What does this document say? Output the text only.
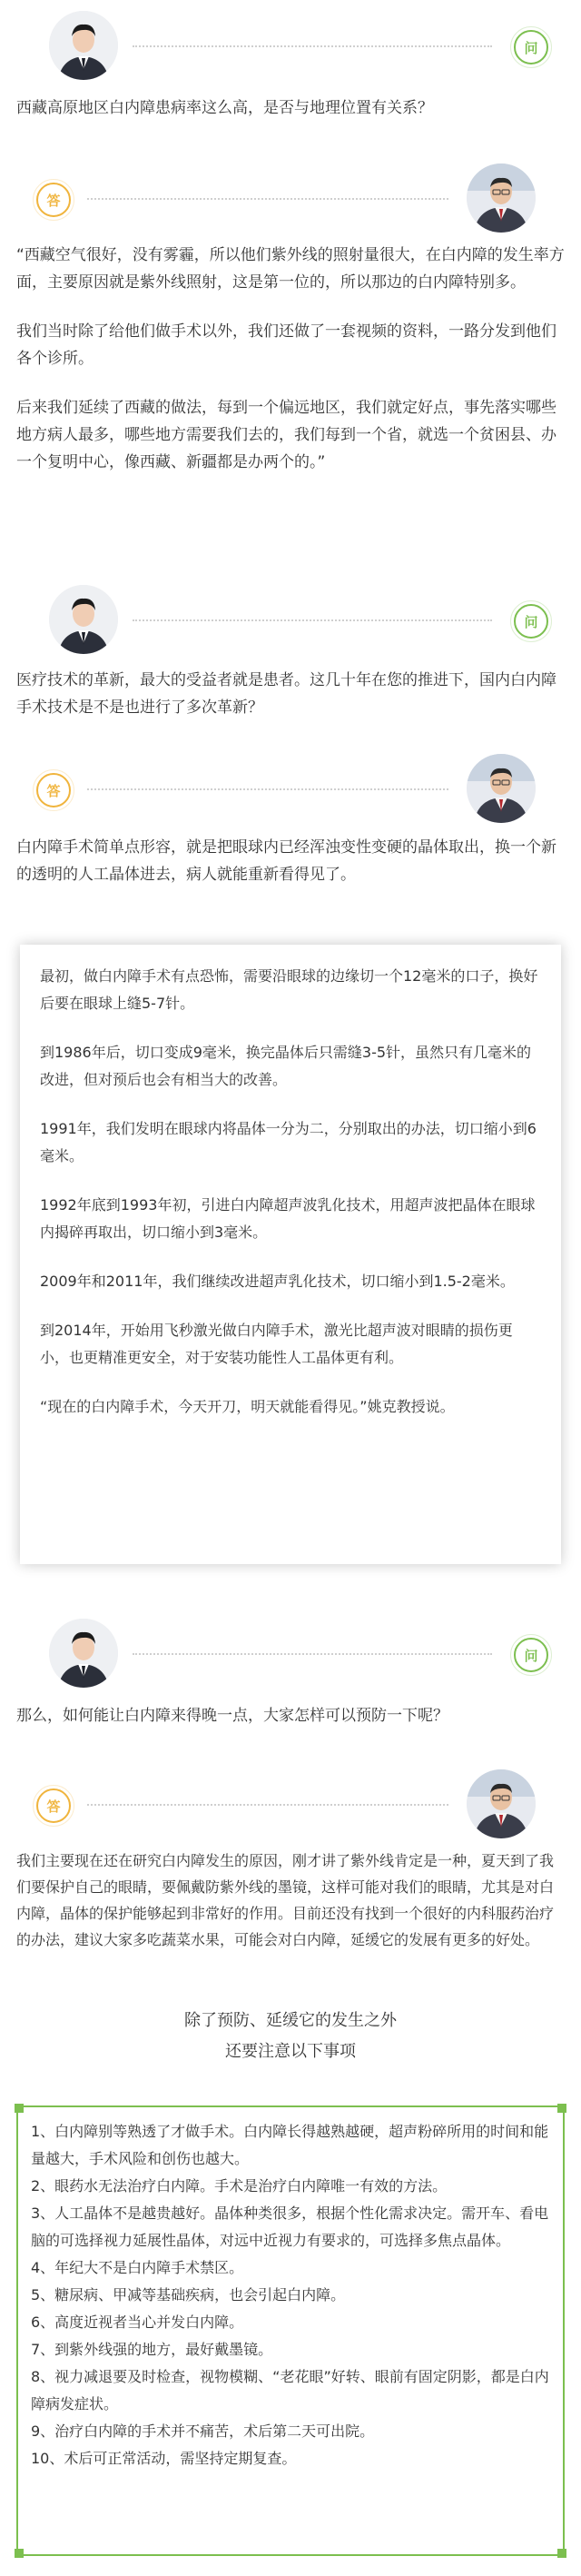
问
西藏高原地区白内障患病率这么高，是否与地理位置有关系？
答

“西藏空气很好，没有雾霾，所以他们紫外线的照射量很大，在白内障的发生率方面，主要原因就是紫外线照射，这是第一位的，所以那边的白内障特别多。

我们当时除了给他们做手术以外，我们还做了一套视频的资料，一路分发到他们各个诊所。

后来我们延续了西藏的做法，每到一个偏远地区，我们就定好点，事先落实哪些地方病人最多，哪些地方需要我们去的，我们每到一个省，就选一个贫困县、办一个复明中心，像西藏、新疆都是办两个的。”

问
医疗技术的革新，最大的受益者就是患者。这几十年在您的推进下，国内白内障手术技术是不是也进行了多次革新？
答

白内障手术简单点形容，就是把眼球内已经浑浊变性变硬的晶体取出，换一个新的透明的人工晶体进去，病人就能重新看得见了。

最初，做白内障手术有点恐怖，需要沿眼球的边缘切一个12毫米的口子，换好后要在眼球上缝5-7针。

到1986年后，切口变成9毫米，换完晶体后只需缝3-5针，虽然只有几毫米的改进，但对预后也会有相当大的改善。

1991年，我们发明在眼球内将晶体一分为二，分别取出的办法，切口缩小到6毫米。

1992年底到1993年初，引进白内障超声波乳化技术，用超声波把晶体在眼球内揭碎再取出，切口缩小到3毫米。

2009年和2011年，我们继续改进超声乳化技术，切口缩小到1.5-2毫米。

到2014年，开始用飞秒激光做白内障手术，激光比超声波对眼睛的损伤更小，也更精准更安全，对于安装功能性人工晶体更有利。

“现在的白内障手术，今天开刀，明天就能看得见。”姚克教授说。

问
那么，如何能让白内障来得晚一点，大家怎样可以预防一下呢？
答

我们主要现在还在研究白内障发生的原因，刚才讲了紫外线肯定是一种，夏天到了我们要保护自己的眼睛，要佩戴防紫外线的墨镜，这样可能对我们的眼睛，尤其是对白内障，晶体的保护能够起到非常好的作用。目前还没有找到一个很好的内科服药治疗的办法，建议大家多吃蔬菜水果，可能会对白内障，延缓它的发展有更多的好处。

除了预防、延缓它的发生之外
还要注意以下事项
1、白内障别等熟透了才做手术。白内障长得越熟越硬，超声粉碎所用的时间和能量越大，手术风险和创伤也越大。
2、眼药水无法治疗白内障。手术是治疗白内障唯一有效的方法。
3、人工晶体不是越贵越好。晶体种类很多，根据个性化需求决定。需开车、看电脑的可选择视力延展性晶体，对远中近视力有要求的，可选择多焦点晶体。
4、年纪大不是白内障手术禁区。
5、糖尿病、甲减等基础疾病，也会引起白内障。
6、高度近视者当心并发白内障。
7、到紫外线强的地方，最好戴墨镜。
8、视力减退要及时检查，视物模糊、“老花眼”好转、眼前有固定阴影，都是白内障病发症状。
9、治疗白内障的手术并不痛苦，术后第二天可出院。
10、术后可正常活动，需坚持定期复查。
